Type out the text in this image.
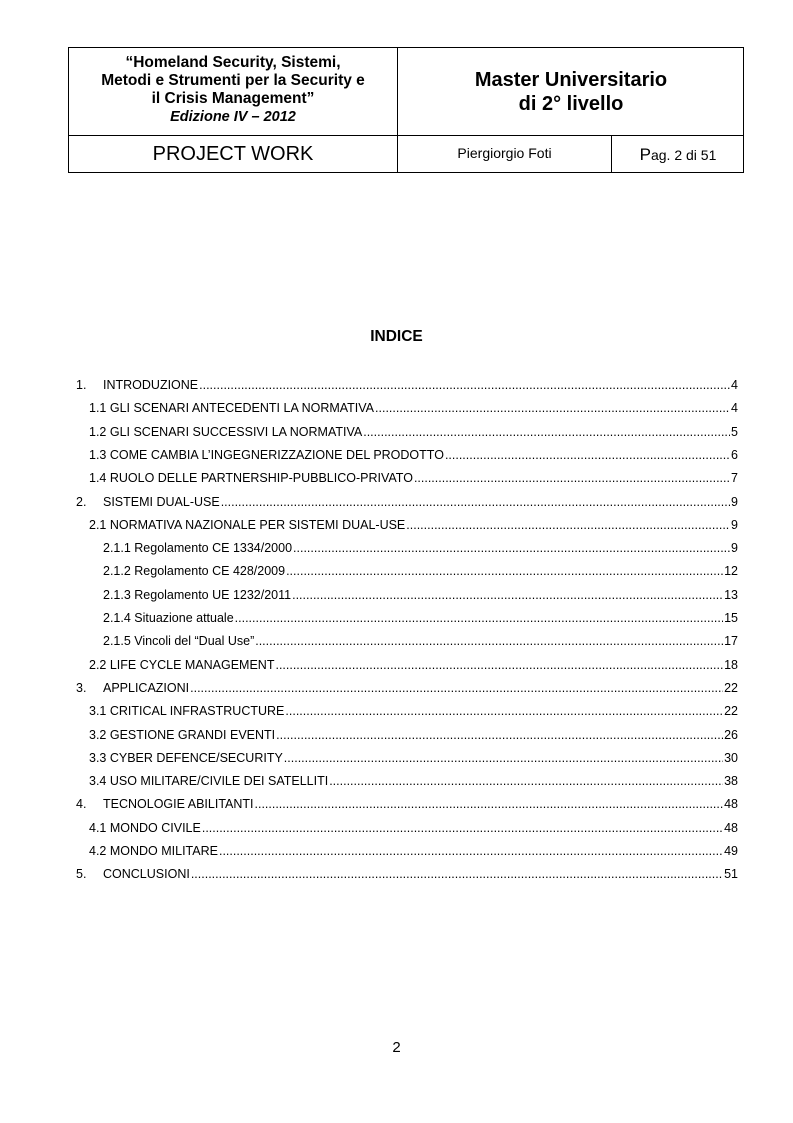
“Homeland Security, Sistemi,
Metodi e Strumenti per la Security e
il Crisis Management”
Edizione IV – 2012
Master Universitario
di 2° livello
PROJECT WORK	Piergiorgio Foti	Pag. 2 di 51
INDICE
1.	INTRODUZIONE .....	4
1.1 GLI SCENARI ANTECEDENTI LA NORMATIVA .....	4
1.2 GLI SCENARI SUCCESSIVI LA NORMATIVA .....	5
1.3 COME CAMBIA L’INGEGNERIZZAZIONE DEL PRODOTTO .....	6
1.4 RUOLO DELLE PARTNERSHIP-PUBBLICO-PRIVATO .....	7
2.	SISTEMI DUAL-USE .....	9
2.1 NORMATIVA NAZIONALE PER SISTEMI DUAL-USE .....	9
2.1.1 Regolamento CE 1334/2000 .....	9
2.1.2 Regolamento CE 428/2009 .....	12
2.1.3 Regolamento UE 1232/2011 .....	13
2.1.4 Situazione attuale .....	15
2.1.5 Vincoli del “Dual Use” .....	17
2.2 LIFE CYCLE MANAGEMENT .....	18
3.	APPLICAZIONI .....	22
3.1 CRITICAL INFRASTRUCTURE .....	22
3.2 GESTIONE GRANDI EVENTI .....	26
3.3 CYBER DEFENCE/SECURITY .....	30
3.4 USO MILITARE/CIVILE DEI SATELLITI .....	38
4.	TECNOLOGIE ABILITANTI .....	48
4.1 MONDO CIVILE .....	48
4.2 MONDO MILITARE .....	49
5.	CONCLUSIONI .....	51
2
